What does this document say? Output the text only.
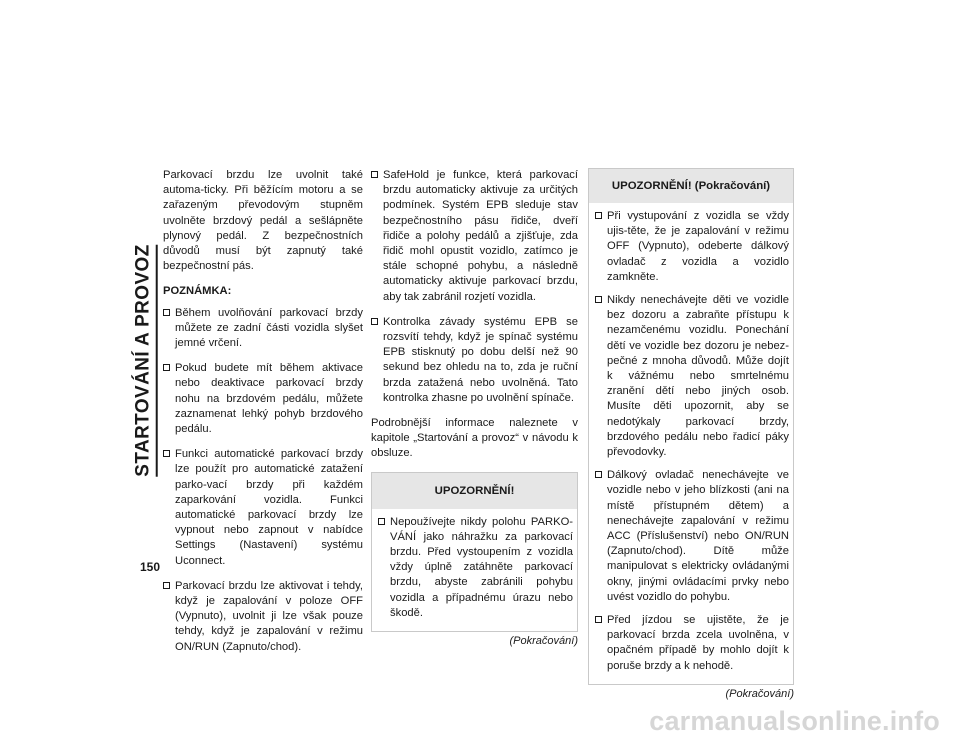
STARTOVÁNÍ A PROVOZ
150

Parkovací brzdu lze uvolnit také automa-ticky. Při běžícím motoru a se zařazeným převodovým stupněm uvolněte brzdový pedál a sešlápněte plynový pedál. Z bezpečnostních důvodů musí být zapnutý také bezpečnostní pás.

POZNÁMKA:
Během uvolňování parkovací brzdy můžete ze zadní části vozidla slyšet jemné vrčení.
Pokud budete mít během aktivace nebo deaktivace parkovací brzdy nohu na brzdovém pedálu, můžete zaznamenat lehký pohyb brzdového pedálu.
Funkci automatické parkovací brzdy lze použít pro automatické zatažení parko-vací brzdy při každém zaparkování vozidla. Funkci automatické parkovací brzdy lze vypnout nebo zapnout v nabídce Settings (Nastavení) systému Uconnect.
Parkovací brzdu lze aktivovat i tehdy, když je zapalování v poloze OFF (Vypnuto), uvolnit ji lze však pouze tehdy, když je zapalování v režimu ON/RUN (Zapnuto/chod).
SafeHold je funkce, která parkovací brzdu automaticky aktivuje za určitých podmínek. Systém EPB sleduje stav bezpečnostního pásu řidiče, dveří řidiče a polohy pedálů a zjišťuje, zda řidič mohl opustit vozidlo, zatímco je stále schopné pohybu, a následně automaticky aktivuje parkovací brzdu, aby tak zabránil rozjetí vozidla.
Kontrolka závady systému EPB se rozsvítí tehdy, když je spínač systému EPB stisknutý po dobu delší než 90 sekund bez ohledu na to, zda je ruční brzda zatažená nebo uvolněná. Tato kontrolka zhasne po uvolnění spínače.

Podrobnější informace naleznete v kapitole „Startování a provoz“ v návodu k obsluze.

UPOZORNĚNÍ!
Nepoužívejte nikdy polohu PARKO-VÁNÍ jako náhražku za parkovací brzdu. Před vystoupením z vozidla vždy úplně zatáhněte parkovací brzdu, abyste zabránili pohybu vozidla a případnému úrazu nebo škodě.
(Pokračování)
UPOZORNĚNÍ! (Pokračování)
Při vystupování z vozidla se vždy ujis-těte, že je zapalování v režimu OFF (Vypnuto), odeberte dálkový ovladač z vozidla a vozidlo zamkněte.
Nikdy nenechávejte děti ve vozidle bez dozoru a zabraňte přístupu k nezamčenému vozidlu. Ponechání dětí ve vozidle bez dozoru je nebez-pečné z mnoha důvodů. Může dojít k vážnému nebo smrtelnému zranění dětí nebo jiných osob. Musíte děti upozornit, aby se nedotýkaly parkovací brzdy, brzdového pedálu nebo řadicí páky převodovky.
Dálkový ovladač nenechávejte ve vozidle nebo v jeho blízkosti (ani na místě přístupném dětem) a nenechávejte zapalování v režimu ACC (Příslušenství) nebo ON/RUN (Zapnuto/chod). Dítě může manipulovat s elektricky ovládanými okny, jinými ovládacími prvky nebo uvést vozidlo do pohybu.
Před jízdou se ujistěte, že je parkovací brzda zcela uvolněna, v opačném případě by mohlo dojít k poruše brzdy a k nehodě.
(Pokračování)
carmanualsonline.info
